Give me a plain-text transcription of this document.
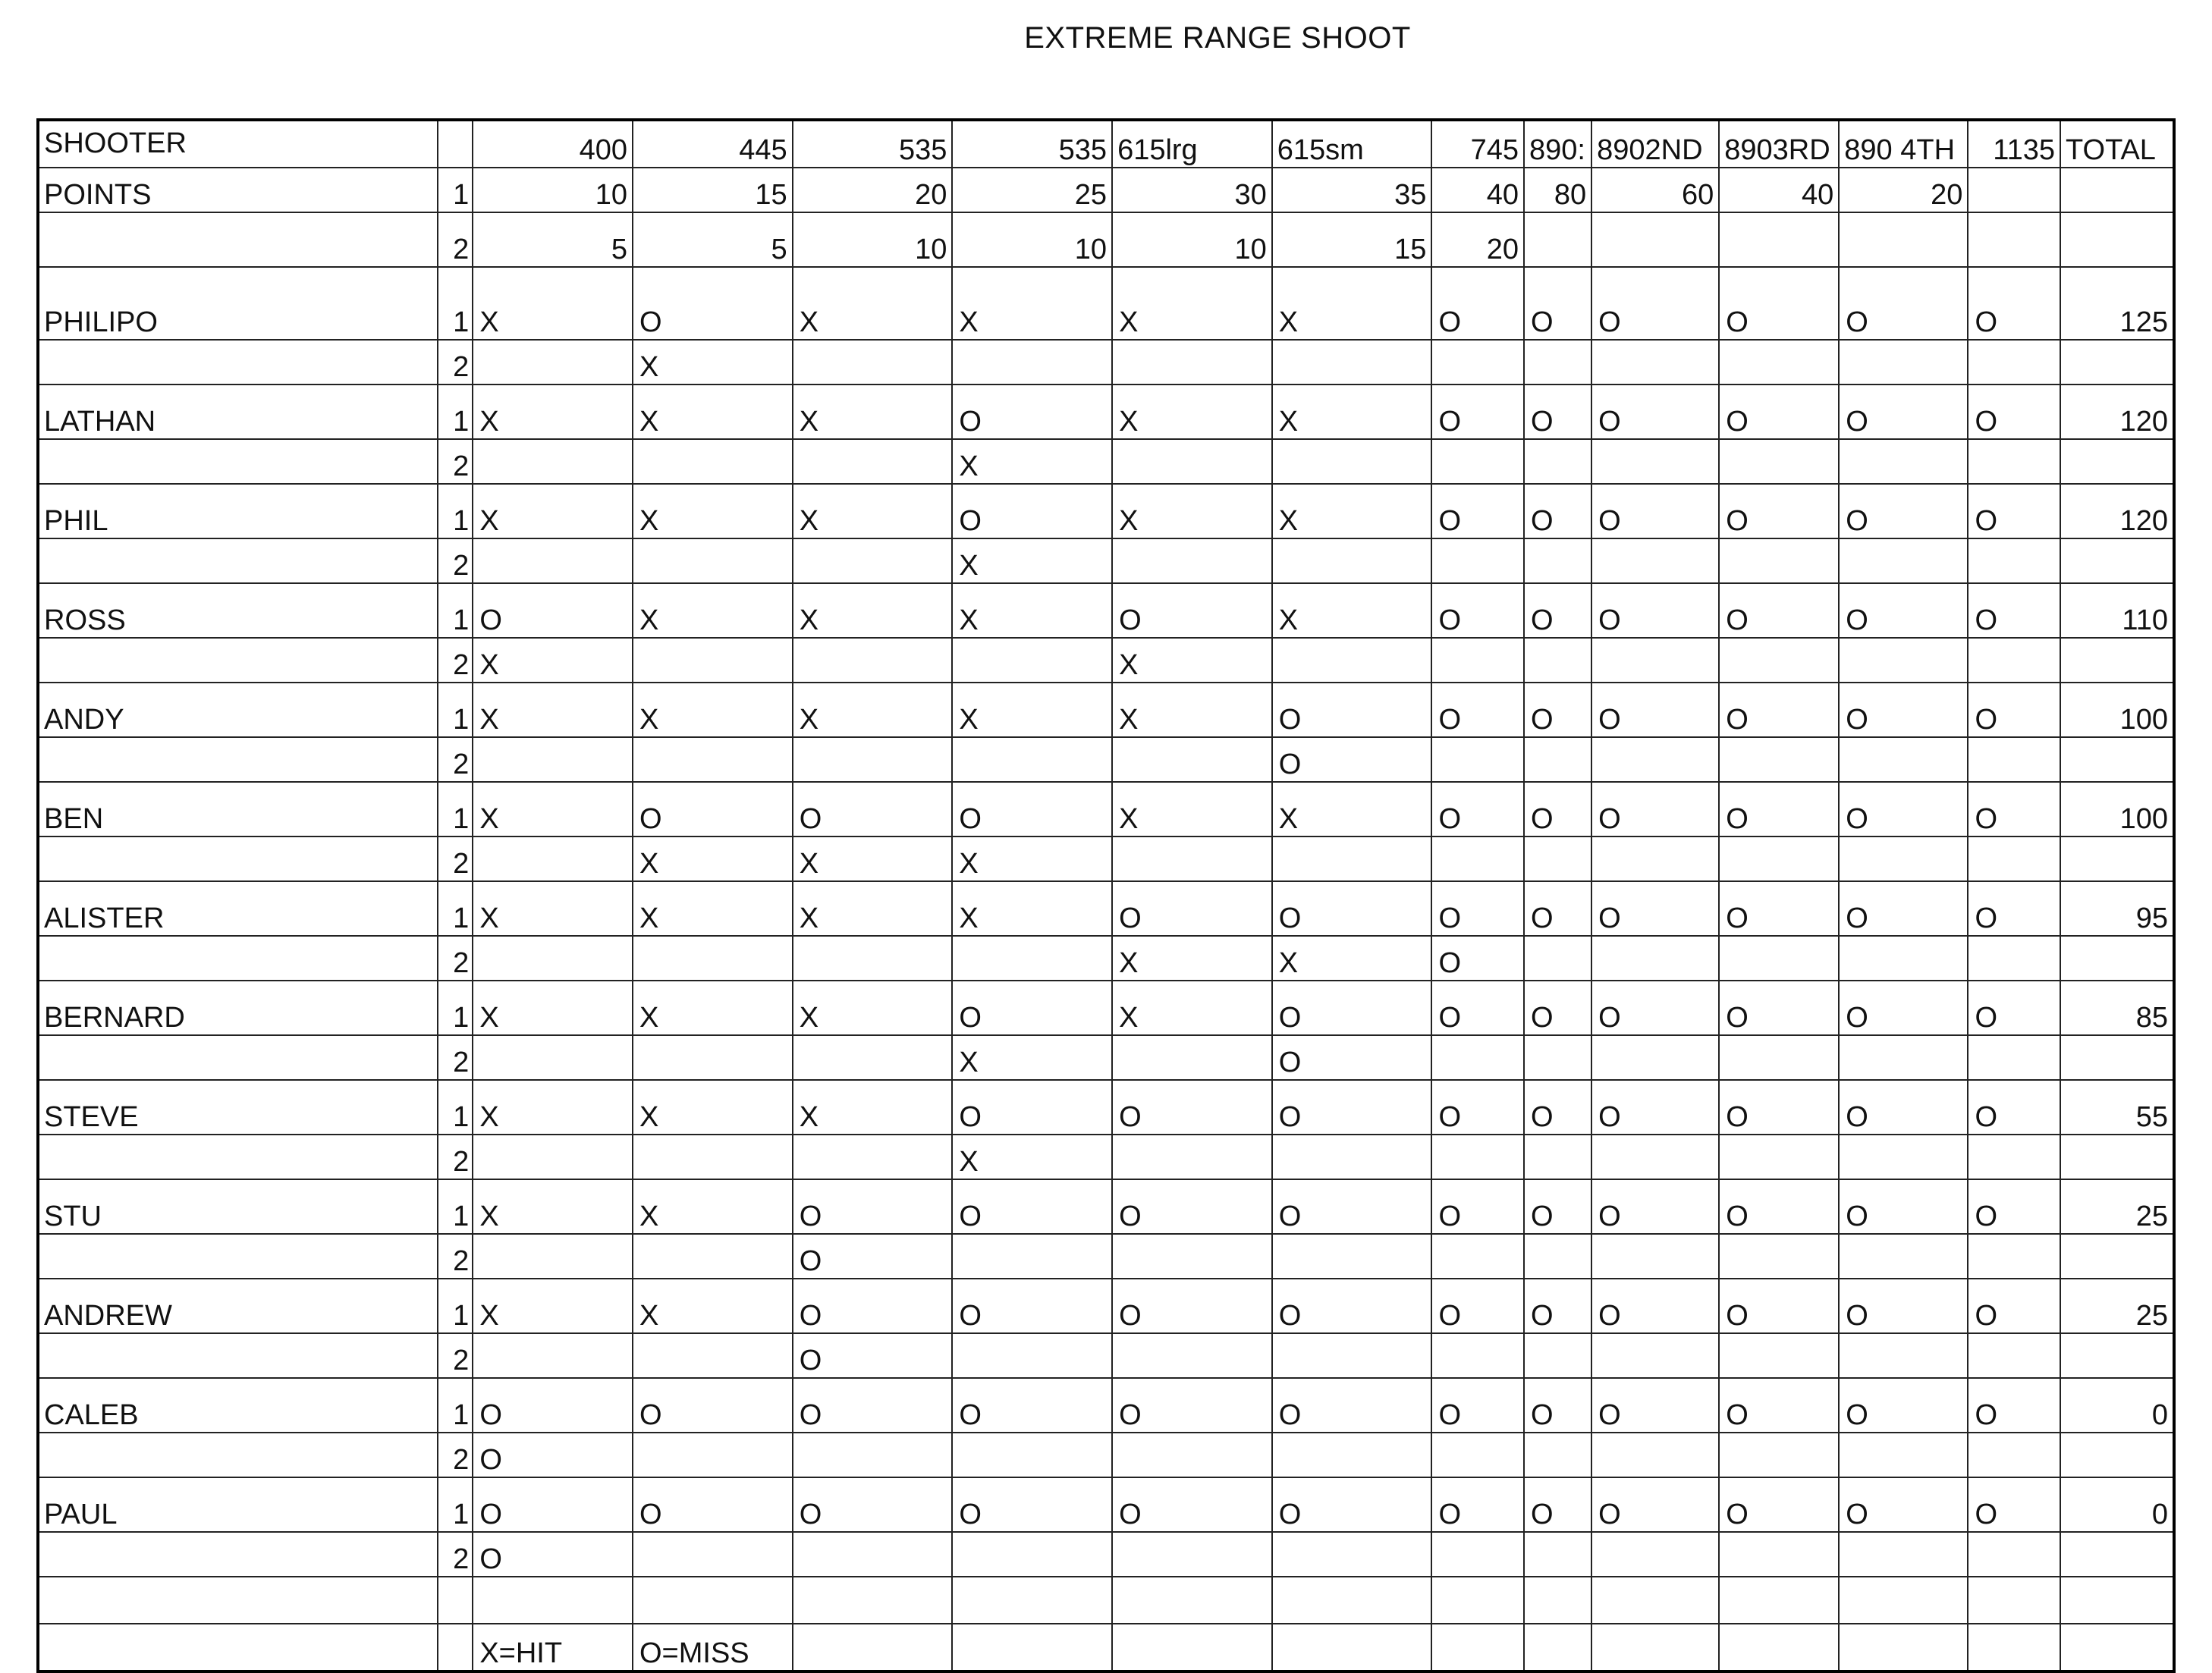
EXTREME RANGE SHOOT
SHOOTER		400	445	535	535	615lrg	615sm	745	890:	8902ND	8903RD	890 4TH	1135	TOTAL
POINTS	1	10	15	20	25	30	35	40	80	60	40	20		
	2	5	5	10	10	10	15	20						
PHILIPO	1	X	O	X	X	X	X	O	O	O	O	O	O	125
	2		X											
LATHAN	1	X	X	X	O	X	X	O	O	O	O	O	O	120
	2				X									
PHIL	1	X	X	X	O	X	X	O	O	O	O	O	O	120
	2				X									
ROSS	1	O	X	X	X	O	X	O	O	O	O	O	O	110
	2	X				X								
ANDY	1	X	X	X	X	X	O	O	O	O	O	O	O	100
	2						O							
BEN	1	X	O	O	O	X	X	O	O	O	O	O	O	100
	2		X	X	X									
ALISTER	1	X	X	X	X	O	O	O	O	O	O	O	O	95
	2					X	X	O						
BERNARD	1	X	X	X	O	X	O	O	O	O	O	O	O	85
	2				X		O							
STEVE	1	X	X	X	O	O	O	O	O	O	O	O	O	55
	2				X									
STU	1	X	X	O	O	O	O	O	O	O	O	O	O	25
	2			O										
ANDREW	1	X	X	O	O	O	O	O	O	O	O	O	O	25
	2			O										
CALEB	1	O	O	O	O	O	O	O	O	O	O	O	O	0
	2	O												
PAUL	1	O	O	O	O	O	O	O	O	O	O	O	O	0
	2	O												

		X=HIT	O=MISS											
